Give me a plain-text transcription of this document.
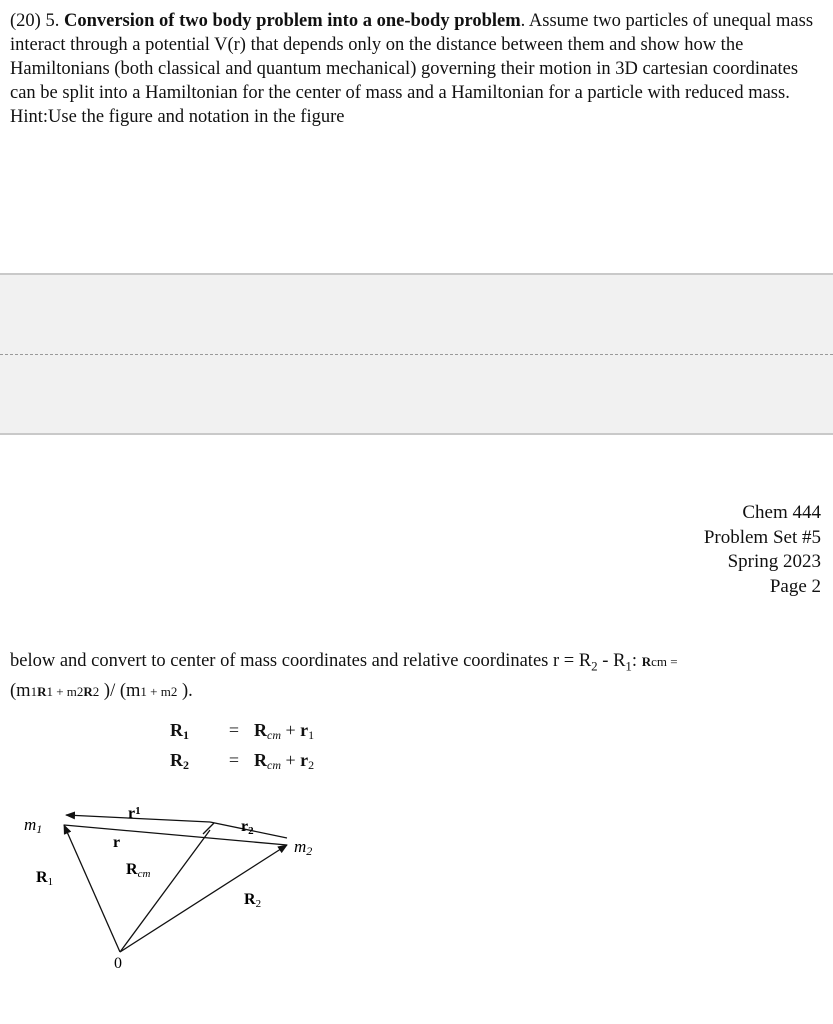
(20) 5. Conversion of two body problem into a one-body problem. Assume two particles of unequal mass interact through a potential V(r) that depends only on the distance between them and show how the Hamiltonians (both classical and quantum mechanical) governing their motion in 3D cartesian coordinates can be split into a Hamiltonian for the center of mass and a Hamiltonian for a particle with reduced mass. Hint:Use the figure and notation in the figure

Chem 444
Problem Set #5
Spring 2023
Page 2

below and convert to center of mass coordinates and relative coordinates $r = R_2 - R_1$: Rcm =
(m1R1 + m2R2 )/ (m1 + m2 ).

$R_1$	= $R_{cm} + r_1$
$R_2$	= $R_{cm} + r_2$
m1
m2
$r^1$
r2
r
Rcm
R1
R2
0
